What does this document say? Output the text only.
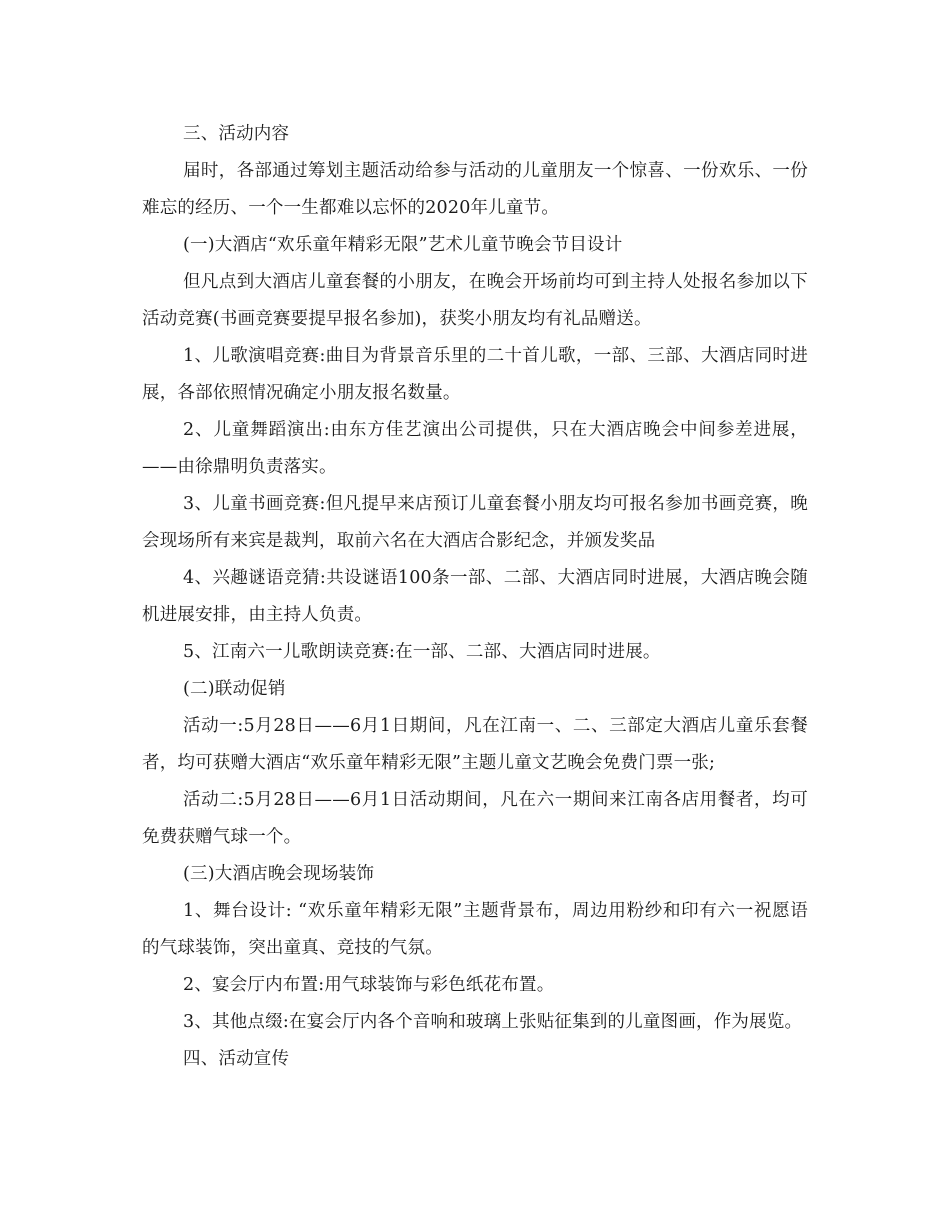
三、活动内容

届时，各部通过筹划主题活动给参与活动的儿童朋友一个惊喜、一份欢乐、一份难忘的经历、一个一生都难以忘怀的2020年儿童节。

(一)大酒店“欢乐童年精彩无限”艺术儿童节晚会节目设计

但凡点到大酒店儿童套餐的小朋友，在晚会开场前均可到主持人处报名参加以下活动竞赛(书画竞赛要提早报名参加)，获奖小朋友均有礼品赠送。

1、儿歌演唱竞赛:曲目为背景音乐里的二十首儿歌，一部、三部、大酒店同时进展，各部依照情况确定小朋友报名数量。

2、儿童舞蹈演出:由东方佳艺演出公司提供，只在大酒店晚会中间参差进展，——由徐鼎明负责落实。

3、儿童书画竞赛:但凡提早来店预订儿童套餐小朋友均可报名参加书画竞赛，晚会现场所有来宾是裁判，取前六名在大酒店合影纪念，并颁发奖品

4、兴趣谜语竞猜:共设谜语100条一部、二部、大酒店同时进展，大酒店晚会随机进展安排，由主持人负责。

5、江南六一儿歌朗读竞赛:在一部、二部、大酒店同时进展。

(二)联动促销

活动一:5月28日——6月1日期间，凡在江南一、二、三部定大酒店儿童乐套餐者，均可获赠大酒店“欢乐童年精彩无限”主题儿童文艺晚会免费门票一张;

活动二:5月28日——6月1日活动期间，凡在六一期间来江南各店用餐者，均可免费获赠气球一个。

(三)大酒店晚会现场装饰

1、舞台设计: “欢乐童年精彩无限”主题背景布，周边用粉纱和印有六一祝愿语的气球装饰，突出童真、竞技的气氛。

2、宴会厅内布置:用气球装饰与彩色纸花布置。

3、其他点缀:在宴会厅内各个音响和玻璃上张贴征集到的儿童图画，作为展览。

四、活动宣传
